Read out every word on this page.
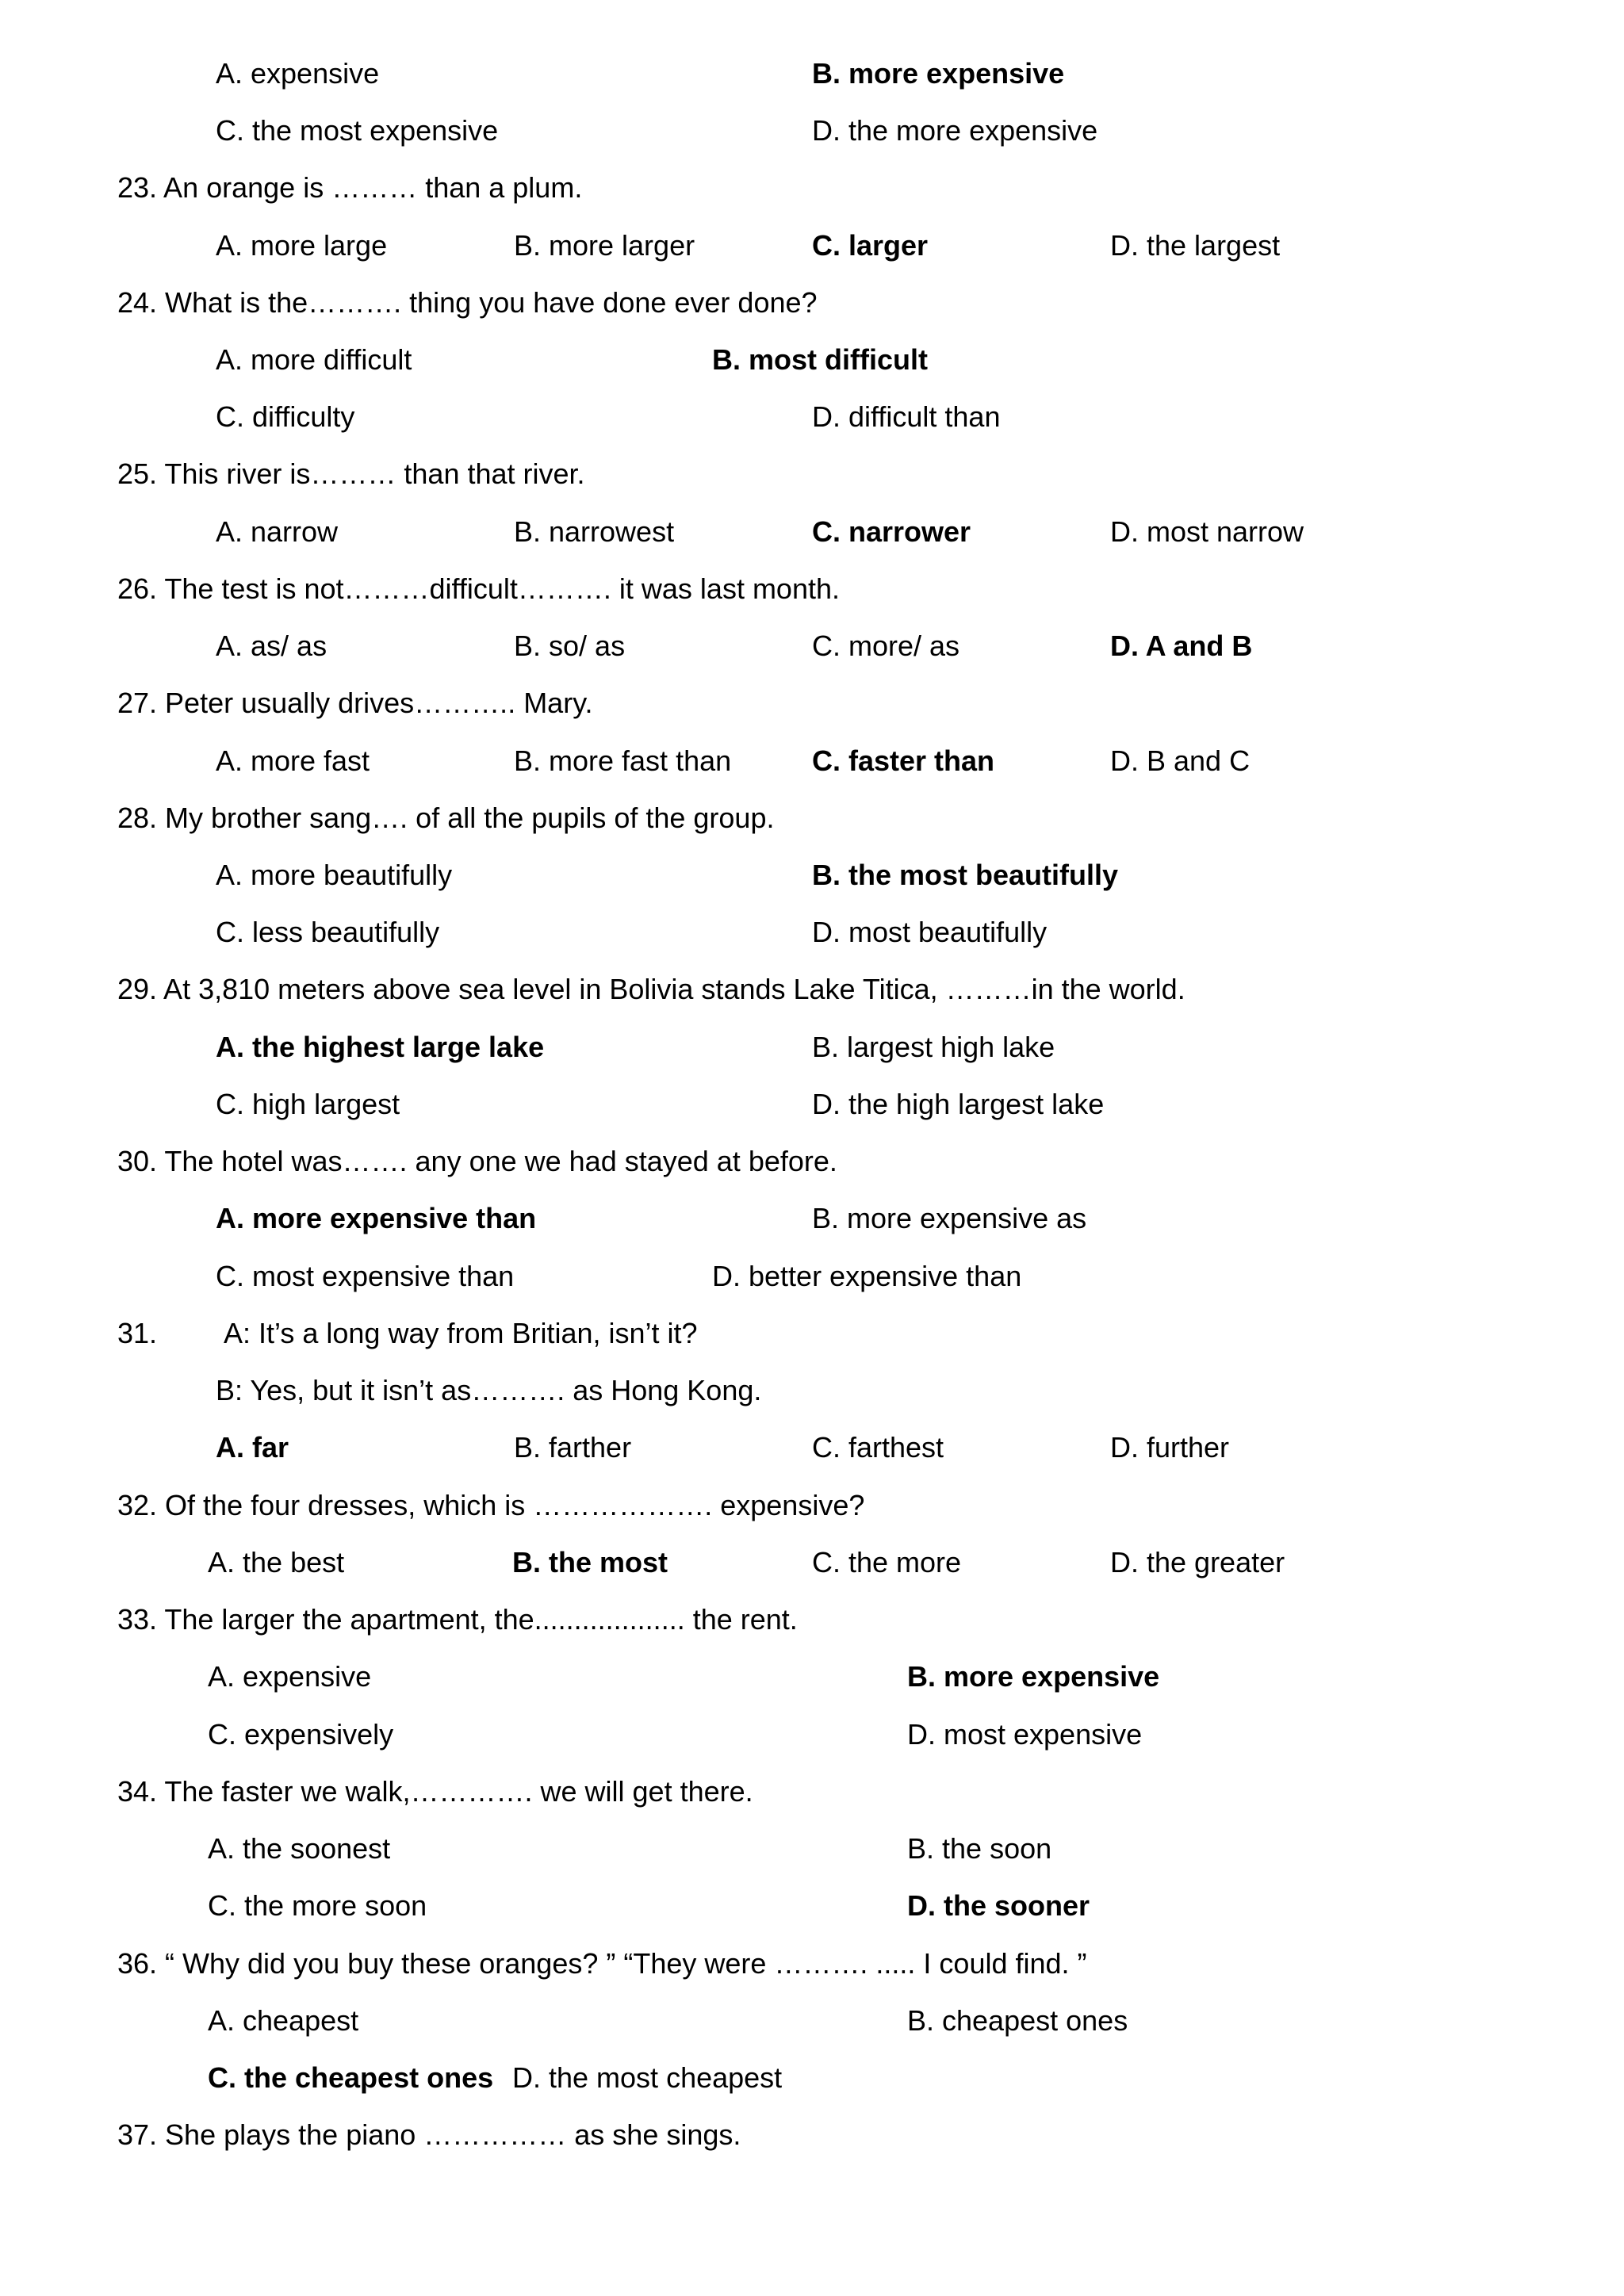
A. expensive	B. more expensive
C. the most expensive	D. the more expensive
23. An orange is ……… than a plum.
A. more large	B. more larger	C. larger	D. the largest
24. What is the………. thing you have done ever done?
A. more difficult	B. most difficult
C. difficulty	D. difficult than
25. This river is……… than that river.
A. narrow	B. narrowest	C. narrower	D. most narrow
26. The test is not………difficult………. it was last month.
A. as/ as	B. so/ as	C. more/ as	D. A and B
27. Peter usually drives……….. Mary.
A. more fast	B. more fast than	C. faster than	D. B and C
28. My brother sang…. of all the pupils of the group.
A. more beautifully	B. the most beautifully
C. less beautifully	D. most beautifully
29. At 3,810 meters above sea level in Bolivia stands Lake Titica, ………in the world.
A. the highest large lake	B. largest high lake
C. high largest	D. the high largest lake
30. The hotel was……. any one we had stayed at before.
A. more expensive than	B. more expensive as
C. most expensive than	D. better expensive than
31. A: It’s a long way from Britian, isn’t it?
B: Yes, but it isn’t as………. as Hong Kong.
A. far	B. farther	C. farthest	D. further
32. Of the four dresses, which is ………………. expensive?
A. the best	B. the most	C. the more	D. the greater
33. The larger the apartment, the................... the rent.
A. expensive	B. more expensive
C. expensively	D. most expensive
34. The faster we walk,…………. we will get there.
A. the soonest	B. the soon
C. the more soon	D. the sooner
36. “ Why did you buy these oranges? ” “They were ………. ..... I could find. ”
A. cheapest	B. cheapest ones
C. the cheapest ones D. the most cheapest
37. She plays the piano …………… as she sings.
